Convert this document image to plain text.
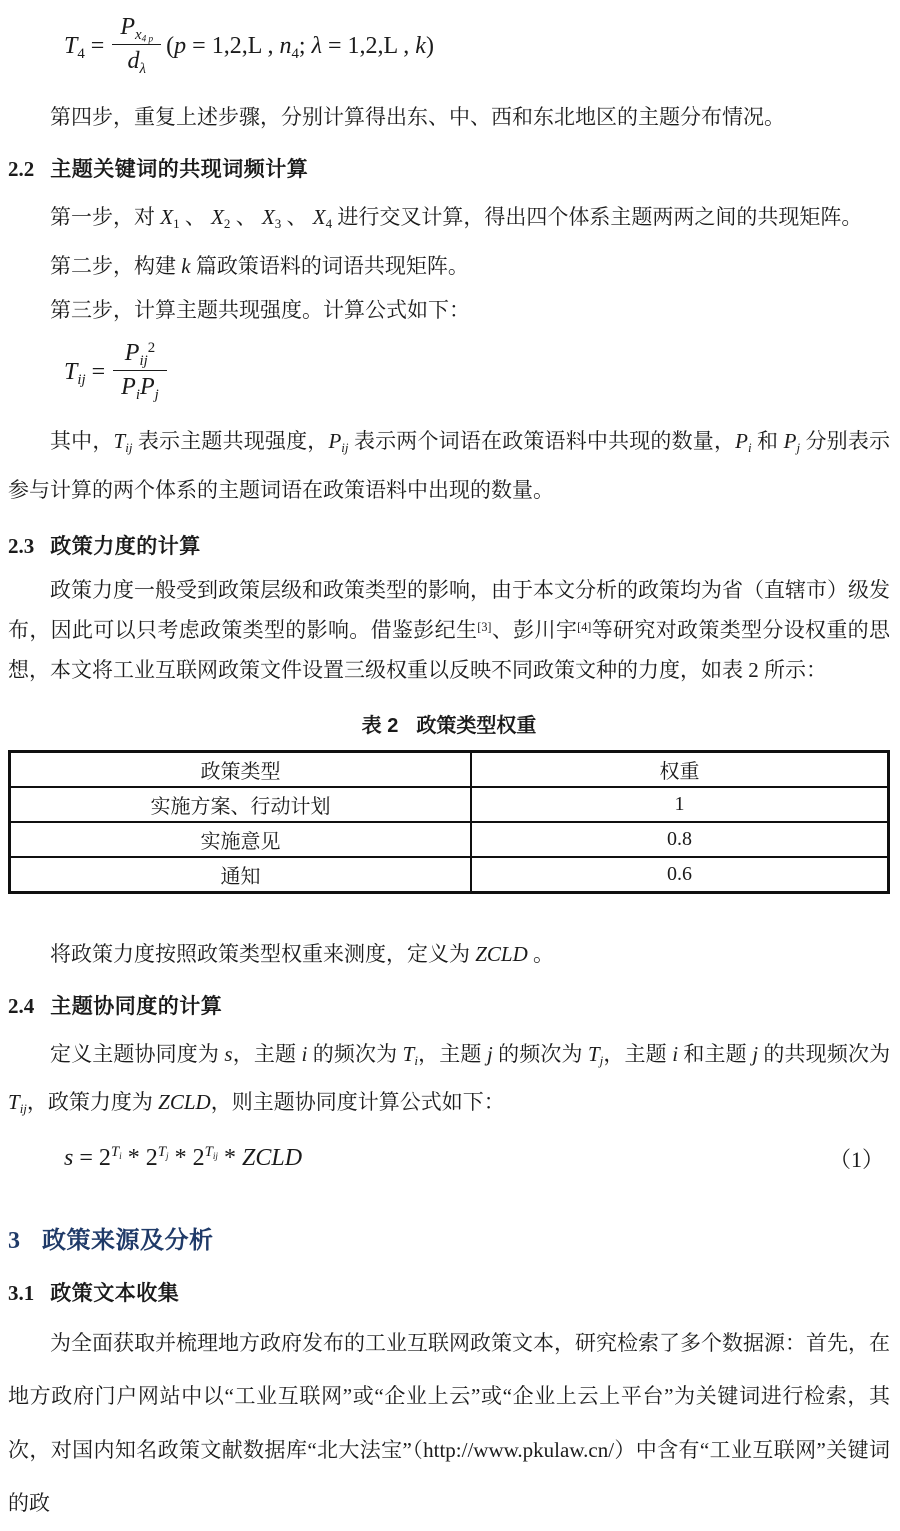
$T_4 = \frac{P_{x_{4 p}}}{d_\lambda} (p = 1,2,L$ , $n_4$; λ = 1,2,L , k)

第四步，重复上述步骤，分别计算得出东、中、西和东北地区的主题分布情况。

2.2 主题关键词的共现词频计算

第一步，对 $X_1$ 、 $X_2$ 、 $X_3$ 、 $X_4$ 进行交叉计算，得出四个体系主题两两之间的共现矩阵。

第二步，构建 k 篇政策语料的词语共现矩阵。

第三步，计算主题共现强度。计算公式如下：

$T_{ij} = \frac{P_{ij}^2}{P_iP_j}$

其中，$T_{ij}$ 表示主题共现强度，$P_{ij}$ 表示两个词语在政策语料中共现的数量，$P_i$ 和 $P_j$ 分别表示参与计算的两个体系的主题词语在政策语料中出现的数量。

2.3 政策力度的计算

政策力度一般受到政策层级和政策类型的影响，由于本文分析的政策均为省（直辖市）级发布，因此可以只考虑政策类型的影响。借鉴彭纪生[3]、彭川宇[4]等研究对政策类型分设权重的思想，本文将工业互联网政策文件设置三级权重以反映不同政策文种的力度，如表 2 所示：

表 2 政策类型权重
政策类型	权重
实施方案、行动计划	1
实施意见	0.8
通知	0.6

将政策力度按照政策类型权重来测度，定义为 ZCLD 。

2.4 主题协同度的计算

定义主题协同度为 s，主题 i 的频次为 $T_i$，主题 j 的频次为 $T_j$，主题 i 和主题 j 的共现频次为 $T_{ij}$，政策力度为 ZCLD，则主题协同度计算公式如下：

$s = 2^{T_i} * 2^{T_j} * 2^{T_{ij}}$ * ZCLD	（1）
3 政策来源及分析
3.1 政策文本收集

为全面获取并梳理地方政府发布的工业互联网政策文本，研究检索了多个数据源：首先，在地方政府门户网站中以“工业互联网”或“企业上云”或“企业上云上平台”为关键词进行检索，其次，对国内知名政策文献数据库“北大法宝”（http://www.pkulaw.cn/）中含有“工业互联网”关键词的政
